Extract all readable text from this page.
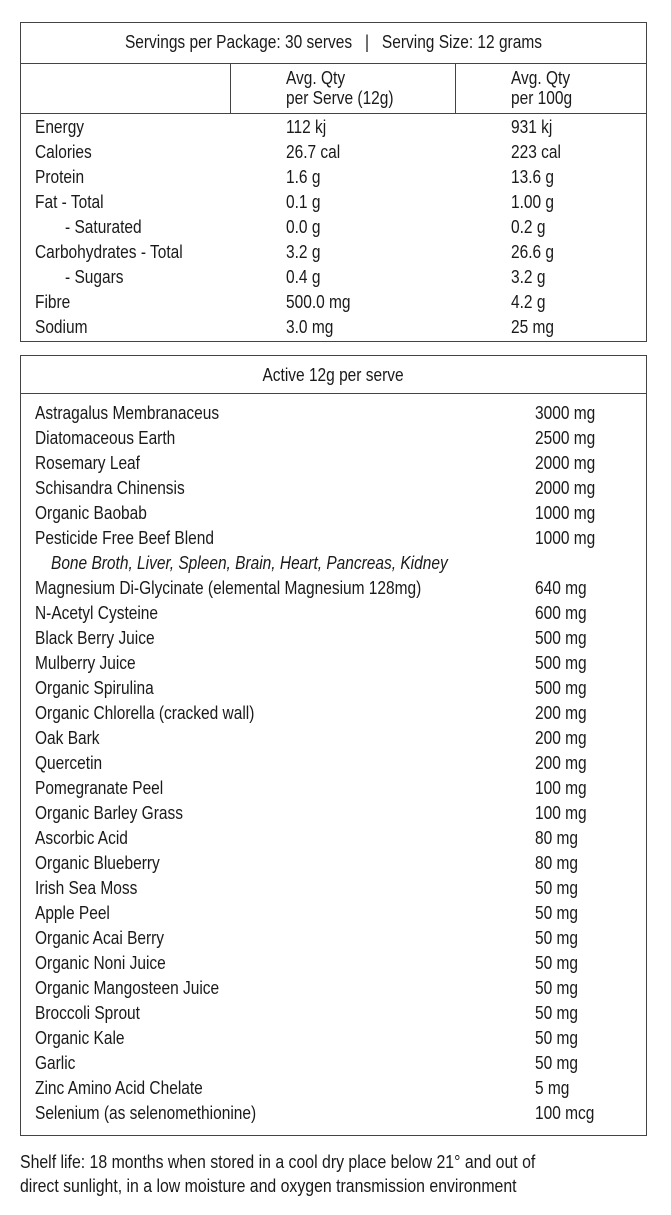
Servings per Package: 30 serves   |   Serving Size: 12 grams
Avg. Qty
per Serve (12g)
Avg. Qty
per 100g
Energy	112 kj	931 kj
Calories	26.7 cal	223 cal
Protein	1.6 g	13.6 g
Fat - Total	0.1 g	1.00 g
- Saturated	0.0 g	0.2 g
Carbohydrates - Total	3.2 g	26.6 g
- Sugars	0.4 g	3.2 g
Fibre	500.0 mg	4.2 g
Sodium	3.0 mg	25 mg
Active 12g per serve
Astragalus Membranaceus	3000 mg
Diatomaceous Earth	2500 mg
Rosemary Leaf	2000 mg
Schisandra Chinensis	2000 mg
Organic Baobab	1000 mg
Pesticide Free Beef Blend	1000 mg
Bone Broth, Liver, Spleen, Brain, Heart, Pancreas, Kidney
Magnesium Di-Glycinate (elemental Magnesium 128mg)	640 mg
N-Acetyl Cysteine	600 mg
Black Berry Juice	500 mg
Mulberry Juice	500 mg
Organic Spirulina	500 mg
Organic Chlorella (cracked wall)	200 mg
Oak Bark	200 mg
Quercetin	200 mg
Pomegranate Peel	100 mg
Organic Barley Grass	100 mg
Ascorbic Acid	80 mg
Organic Blueberry	80 mg
Irish Sea Moss	50 mg
Apple Peel	50 mg
Organic Acai Berry	50 mg
Organic Noni Juice	50 mg
Organic Mangosteen Juice	50 mg
Broccoli Sprout	50 mg
Organic Kale	50 mg
Garlic	50 mg
Zinc Amino Acid Chelate	5 mg
Selenium (as selenomethionine)	100 mcg
Shelf life: 18 months when stored in a cool dry place below 21° and out of
direct sunlight, in a low moisture and oxygen transmission environment
